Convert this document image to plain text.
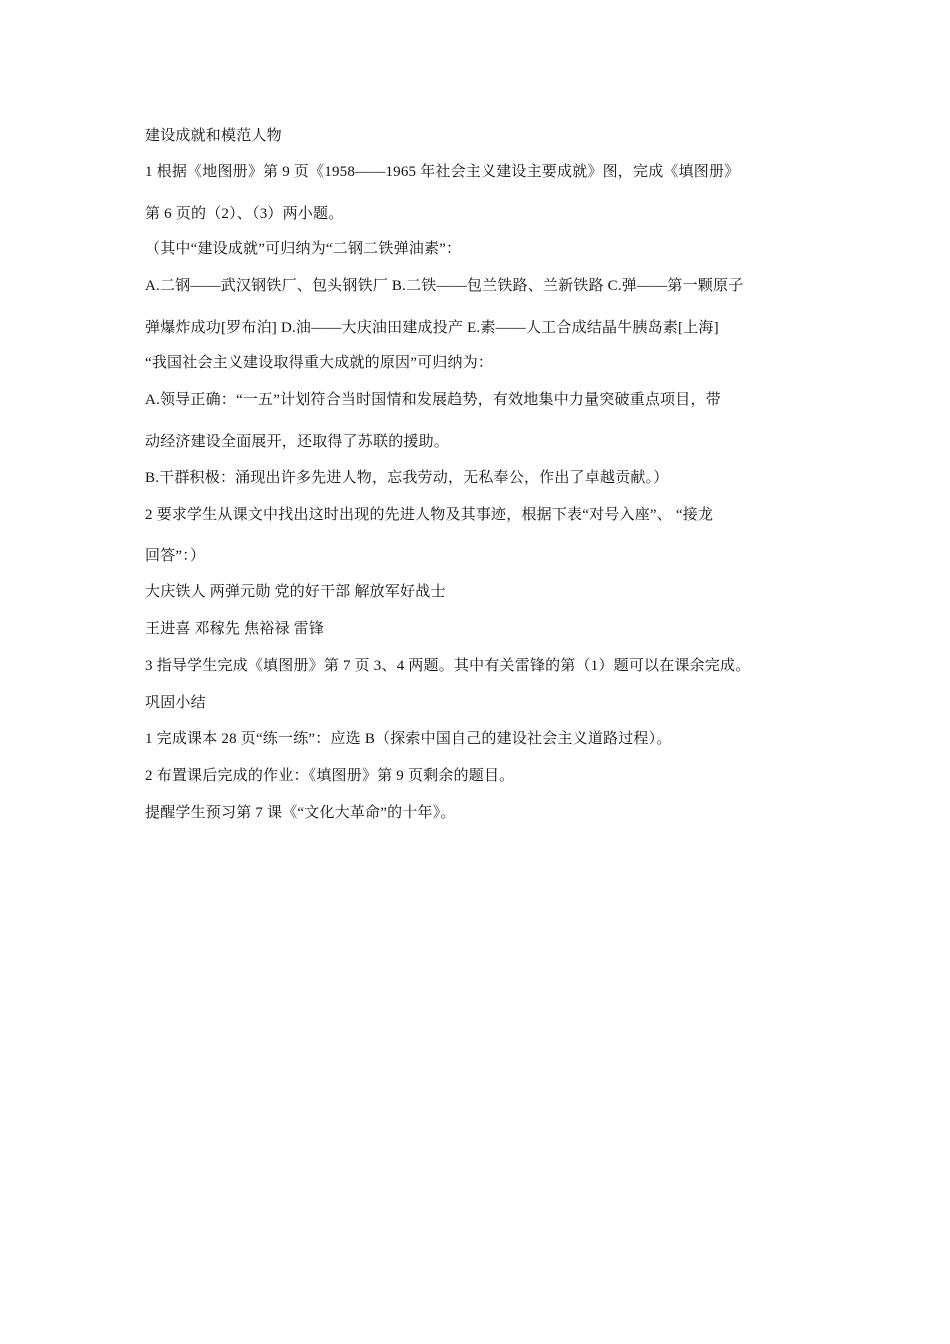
建设成就和模范人物
1 根据《地图册》第 9 页《1958——1965 年社会主义建设主要成就》图，完成《填图册》
第 6 页的（2）、（3）两小题。
（其中“建设成就”可归纳为“二钢二铁弹油素”：
A.二钢——武汉钢铁厂、包头钢铁厂 B.二铁——包兰铁路、兰新铁路 C.弹——第一颗原子
弹爆炸成功[罗布泊] D.油——大庆油田建成投产 E.素——人工合成结晶牛胰岛素[上海]
“我国社会主义建设取得重大成就的原因”可归纳为：
A.领导正确：“一五”计划符合当时国情和发展趋势，有效地集中力量突破重点项目，带
动经济建设全面展开，还取得了苏联的援助。
B.干群积极：涌现出许多先进人物，忘我劳动，无私奉公，作出了卓越贡献。）
2 要求学生从课文中找出这时出现的先进人物及其事迹，根据下表“对号入座”、 “接龙
回答”：）
大庆铁人 两弹元勋 党的好干部 解放军好战士
王进喜 邓稼先 焦裕禄 雷锋
3 指导学生完成《填图册》第 7 页 3、4 两题。其中有关雷锋的第（1）题可以在课余完成。
巩固小结
1 完成课本 28 页“练一练”：应选 B（探索中国自己的建设社会主义道路过程）。
2 布置课后完成的作业：《填图册》第 9 页剩余的题目。
提醒学生预习第 7 课《“文化大革命”的十年》。
